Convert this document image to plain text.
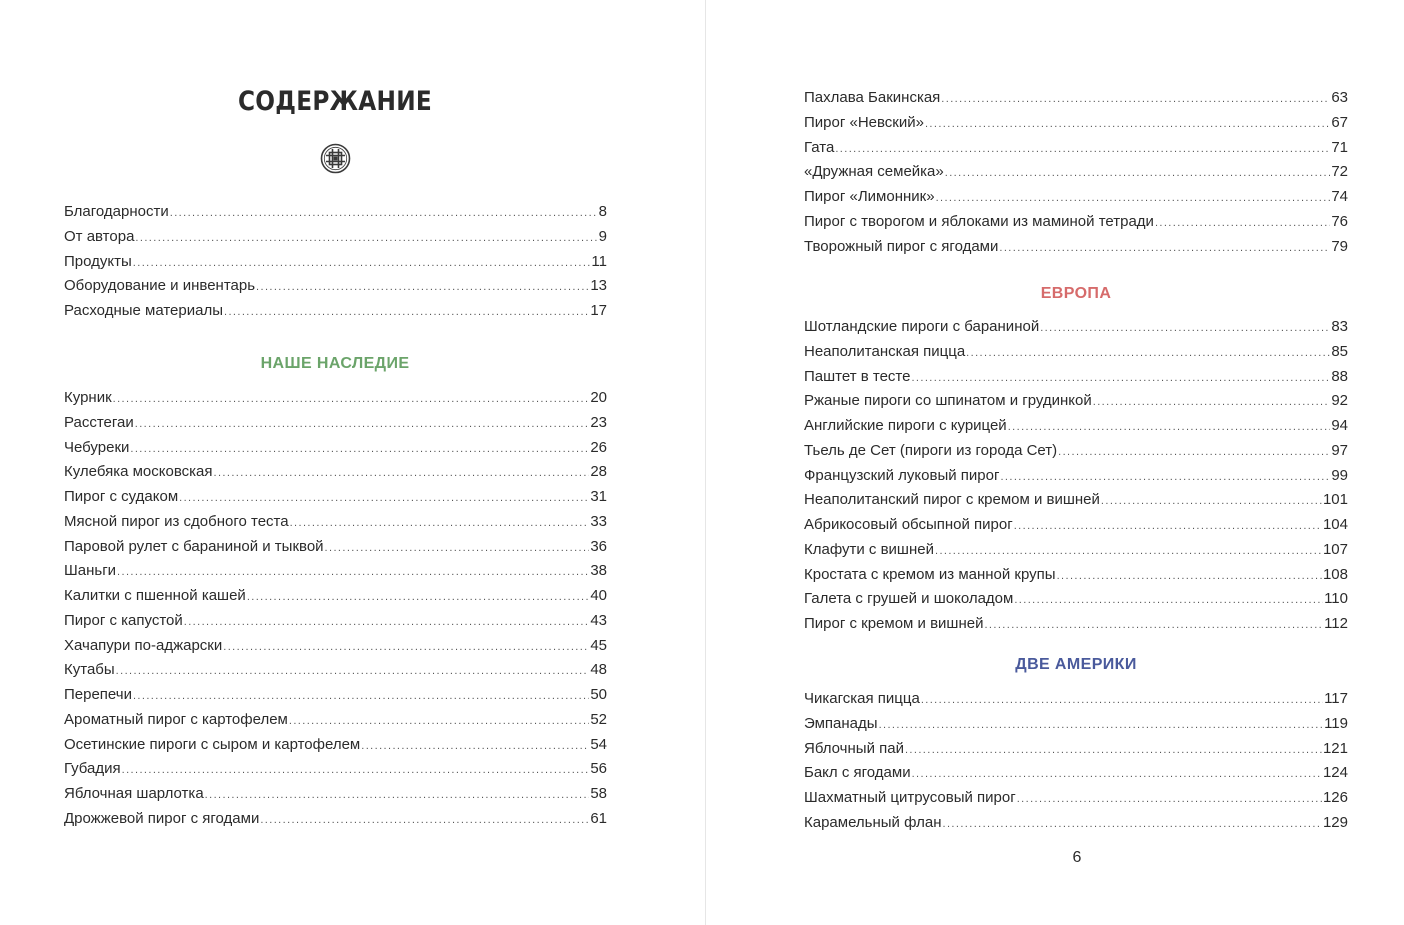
СОДЕРЖАНИЕ
Благодарности .....	8
От автора .....	9
Продукты .....	11
Оборудование и инвентарь .....	13
Расходные материалы .....	17
НАШЕ НАСЛЕДИЕ
Курник .....	20
Расстегаи .....	23
Чебуреки .....	26
Кулебяка московская .....	28
Пирог с судаком .....	31
Мясной пирог из сдобного теста .....	33
Паровой рулет с бараниной и тыквой .....	36
Шаньги .....	38
Калитки с пшенной кашей .....	40
Пирог с капустой .....	43
Хачапури по-аджарски .....	45
Кутабы .....	48
Перепечи .....	50
Ароматный пирог с картофелем .....	52
Осетинские пироги с сыром и картофелем .....	54
Губадия .....	56
Яблочная шарлотка .....	58
Дрожжевой пирог с ягодами .....	61
Пахлава Бакинская .....	63
Пирог «Невский» .....	67
Гата .....	71
«Дружная семейка» .....	72
Пирог «Лимонник» .....	74
Пирог с творогом и яблоками из маминой тетради .....	76
Творожный пирог с ягодами .....	79
ЕВРОПА
Шотландские пироги с бараниной .....	83
Неаполитанская пицца .....	85
Паштет в тесте .....	88
Ржаные пироги со шпинатом и грудинкой .....	92
Английские пироги с курицей .....	94
Тьель де Сет (пироги из города Сет) .....	97
Французский луковый пирог .....	99
Неаполитанский пирог с кремом и вишней .....	101
Абрикосовый обсыпной пирог .....	104
Клафути с вишней .....	107
Кростата с кремом из манной крупы .....	108
Галета с грушей и шоколадом .....	110
Пирог с кремом и вишней .....	112
ДВЕ АМЕРИКИ
Чикагская пицца .....	117
Эмпанады .....	119
Яблочный пай .....	121
Бакл с ягодами .....	124
Шахматный цитрусовый пирог .....	126
Карамельный флан .....	129
6
